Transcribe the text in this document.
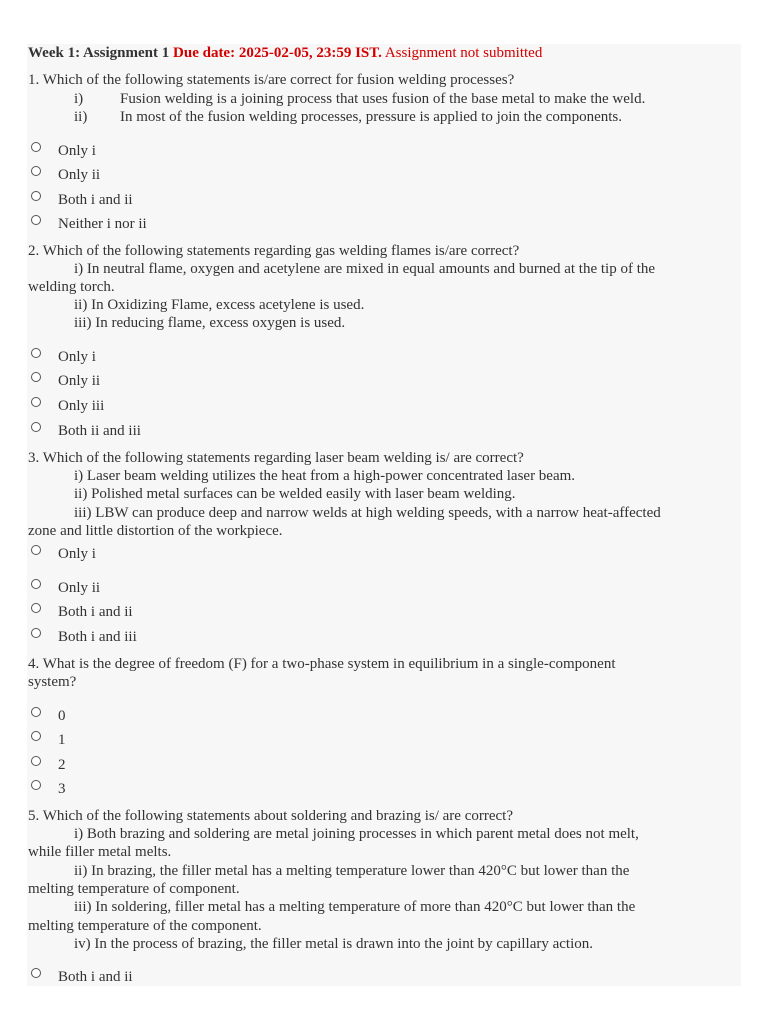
Week 1: Assignment 1 Due date: 2025-02-05, 23:59 IST. Assignment not submitted
1. Which of the following statements is/are correct for fusion welding processes?
i) Fusion welding is a joining process that uses fusion of the base metal to make the weld.
ii) In most of the fusion welding processes, pressure is applied to join the components.
Only i
Only ii
Both i and ii
Neither i nor ii
2. Which of the following statements regarding gas welding flames is/are correct?
i) In neutral flame, oxygen and acetylene are mixed in equal amounts and burned at the tip of the
welding torch.
ii) In Oxidizing Flame, excess acetylene is used.
iii) In reducing flame, excess oxygen is used.
Only i
Only ii
Only iii
Both ii and iii
3. Which of the following statements regarding laser beam welding is/ are correct?
i) Laser beam welding utilizes the heat from a high-power concentrated laser beam.
ii) Polished metal surfaces can be welded easily with laser beam welding.
iii) LBW can produce deep and narrow welds at high welding speeds, with a narrow heat-affected
zone and little distortion of the workpiece.
Only i
Only ii
Both i and ii
Both i and iii
4. What is the degree of freedom (F) for a two-phase system in equilibrium in a single-component
system?
0
1
2
3
5. Which of the following statements about soldering and brazing is/ are correct?
i) Both brazing and soldering are metal joining processes in which parent metal does not melt,
while filler metal melts.
ii) In brazing, the filler metal has a melting temperature lower than 420°C but lower than the
melting temperature of component.
iii) In soldering, filler metal has a melting temperature of more than 420°C but lower than the
melting temperature of the component.
iv) In the process of brazing, the filler metal is drawn into the joint by capillary action.
Both i and ii
